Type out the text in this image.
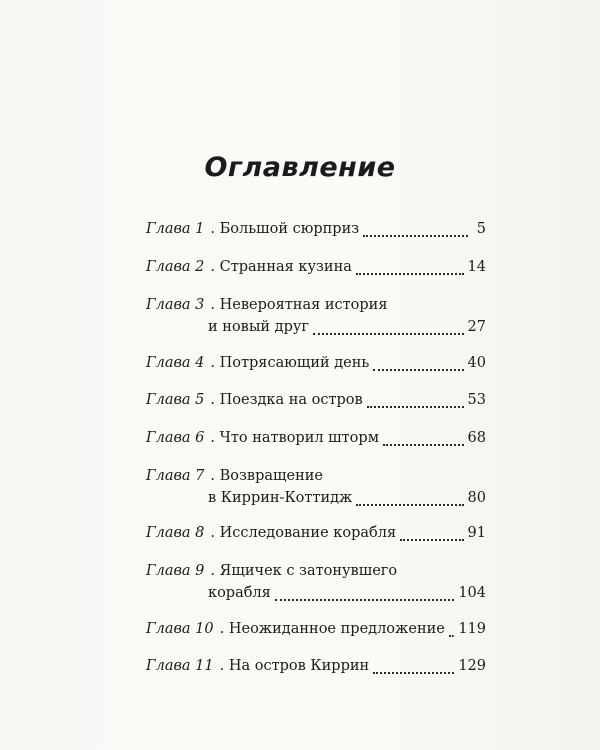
Оглавление
Глава 1 . Большой сюрприз	5
Глава 2 . Странная кузина	14
Глава 3 . Невероятная история
и новый друг	27
Глава 4 . Потрясающий день	40
Глава 5 . Поездка на остров	53
Глава 6 . Что натворил шторм	68
Глава 7 . Возвращение
в Киррин-Коттидж	80
Глава 8 . Исследование корабля	91
Глава 9 . Ящичек с затонувшего
корабля	104
Глава 10 . Неожиданное предложение 119
Глава 11 . На остров Киррин	129
